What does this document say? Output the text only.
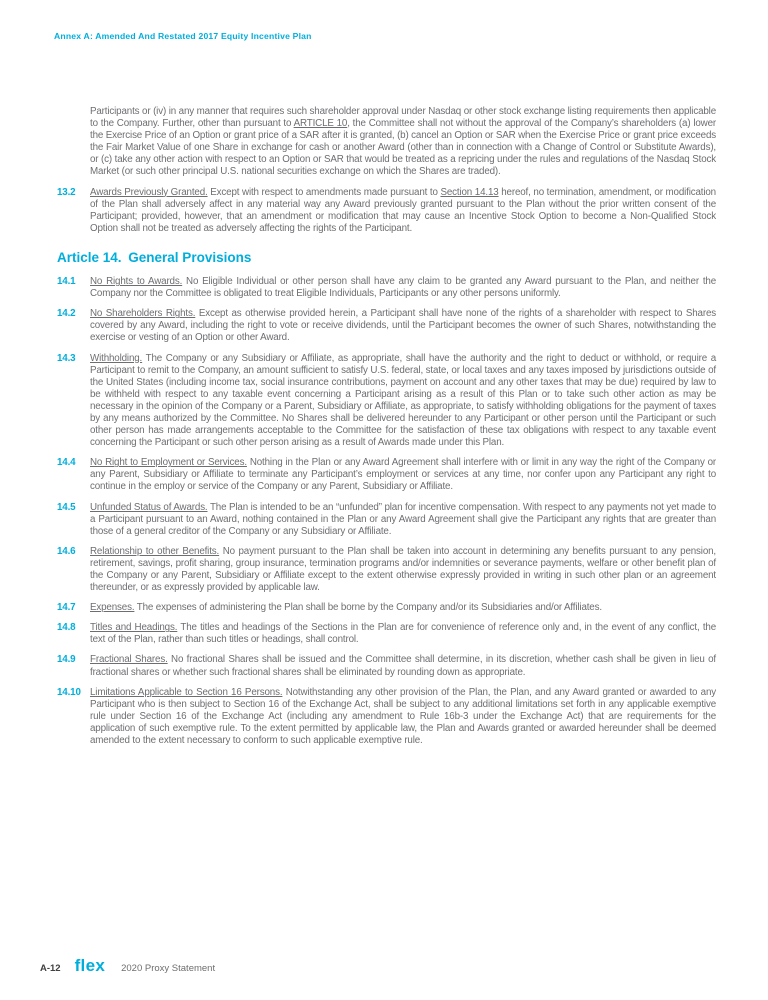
Annex A: Amended And Restated 2017 Equity Incentive Plan
Participants or (iv) in any manner that requires such shareholder approval under Nasdaq or other stock exchange listing requirements then applicable to the Company. Further, other than pursuant to ARTICLE 10, the Committee shall not without the approval of the Company’s shareholders (a) lower the Exercise Price of an Option or grant price of a SAR after it is granted, (b) cancel an Option or SAR when the Exercise Price or grant price exceeds the Fair Market Value of one Share in exchange for cash or another Award (other than in connection with a Change of Control or Substitute Awards), or (c) take any other action with respect to an Option or SAR that would be treated as a repricing under the rules and regulations of the Nasdaq Stock Market (or such other principal U.S. national securities exchange on which the Shares are traded).
13.2	Awards Previously Granted. Except with respect to amendments made pursuant to Section 14.13 hereof, no termination, amendment, or modification of the Plan shall adversely affect in any material way any Award previously granted pursuant to the Plan without the prior written consent of the Participant; provided, however, that an amendment or modification that may cause an Incentive Stock Option to become a Non-Qualified Stock Option shall not be treated as adversely affecting the rights of the Participant.
Article 14. General Provisions
14.1	No Rights to Awards. No Eligible Individual or other person shall have any claim to be granted any Award pursuant to the Plan, and neither the Company nor the Committee is obligated to treat Eligible Individuals, Participants or any other persons uniformly.
14.2	No Shareholders Rights. Except as otherwise provided herein, a Participant shall have none of the rights of a shareholder with respect to Shares covered by any Award, including the right to vote or receive dividends, until the Participant becomes the owner of such Shares, notwithstanding the exercise or vesting of an Option or other Award.
14.3	Withholding. The Company or any Subsidiary or Affiliate, as appropriate, shall have the authority and the right to deduct or withhold, or require a Participant to remit to the Company, an amount sufficient to satisfy U.S. federal, state, or local taxes and any taxes imposed by jurisdictions outside of the United States (including income tax, social insurance contributions, payment on account and any other taxes that may be due) required by law to be withheld with respect to any taxable event concerning a Participant arising as a result of this Plan or to take such other action as may be necessary in the opinion of the Company or a Parent, Subsidiary or Affiliate, as appropriate, to satisfy withholding obligations for the payment of taxes by any means authorized by the Committee. No Shares shall be delivered hereunder to any Participant or other person until the Participant or such other person has made arrangements acceptable to the Committee for the satisfaction of these tax obligations with respect to any taxable event concerning the Participant or such other person arising as a result of Awards made under this Plan.
14.4	No Right to Employment or Services. Nothing in the Plan or any Award Agreement shall interfere with or limit in any way the right of the Company or any Parent, Subsidiary or Affiliate to terminate any Participant’s employment or services at any time, nor confer upon any Participant any right to continue in the employ or service of the Company or any Parent, Subsidiary or Affiliate.
14.5	Unfunded Status of Awards. The Plan is intended to be an “unfunded” plan for incentive compensation. With respect to any payments not yet made to a Participant pursuant to an Award, nothing contained in the Plan or any Award Agreement shall give the Participant any rights that are greater than those of a general creditor of the Company or any Subsidiary or Affiliate.
14.6	Relationship to other Benefits. No payment pursuant to the Plan shall be taken into account in determining any benefits pursuant to any pension, retirement, savings, profit sharing, group insurance, termination programs and/or indemnities or severance payments, welfare or other benefit plan of the Company or any Parent, Subsidiary or Affiliate except to the extent otherwise expressly provided in writing in such other plan or an agreement thereunder, or as expressly provided by applicable law.
14.7	Expenses. The expenses of administering the Plan shall be borne by the Company and/or its Subsidiaries and/or Affiliates.
14.8	Titles and Headings. The titles and headings of the Sections in the Plan are for convenience of reference only and, in the event of any conflict, the text of the Plan, rather than such titles or headings, shall control.
14.9	Fractional Shares. No fractional Shares shall be issued and the Committee shall determine, in its discretion, whether cash shall be given in lieu of fractional shares or whether such fractional shares shall be eliminated by rounding down as appropriate.
14.10 Limitations Applicable to Section 16 Persons. Notwithstanding any other provision of the Plan, the Plan, and any Award granted or awarded to any Participant who is then subject to Section 16 of the Exchange Act, shall be subject to any additional limitations set forth in any applicable exemptive rule under Section 16 of the Exchange Act (including any amendment to Rule 16b-3 under the Exchange Act) that are requirements for the application of such exemptive rule. To the extent permitted by applicable law, the Plan and Awards granted or awarded hereunder shall be deemed amended to the extent necessary to conform to such applicable exemptive rule.
A-12 flex 2020 Proxy Statement
